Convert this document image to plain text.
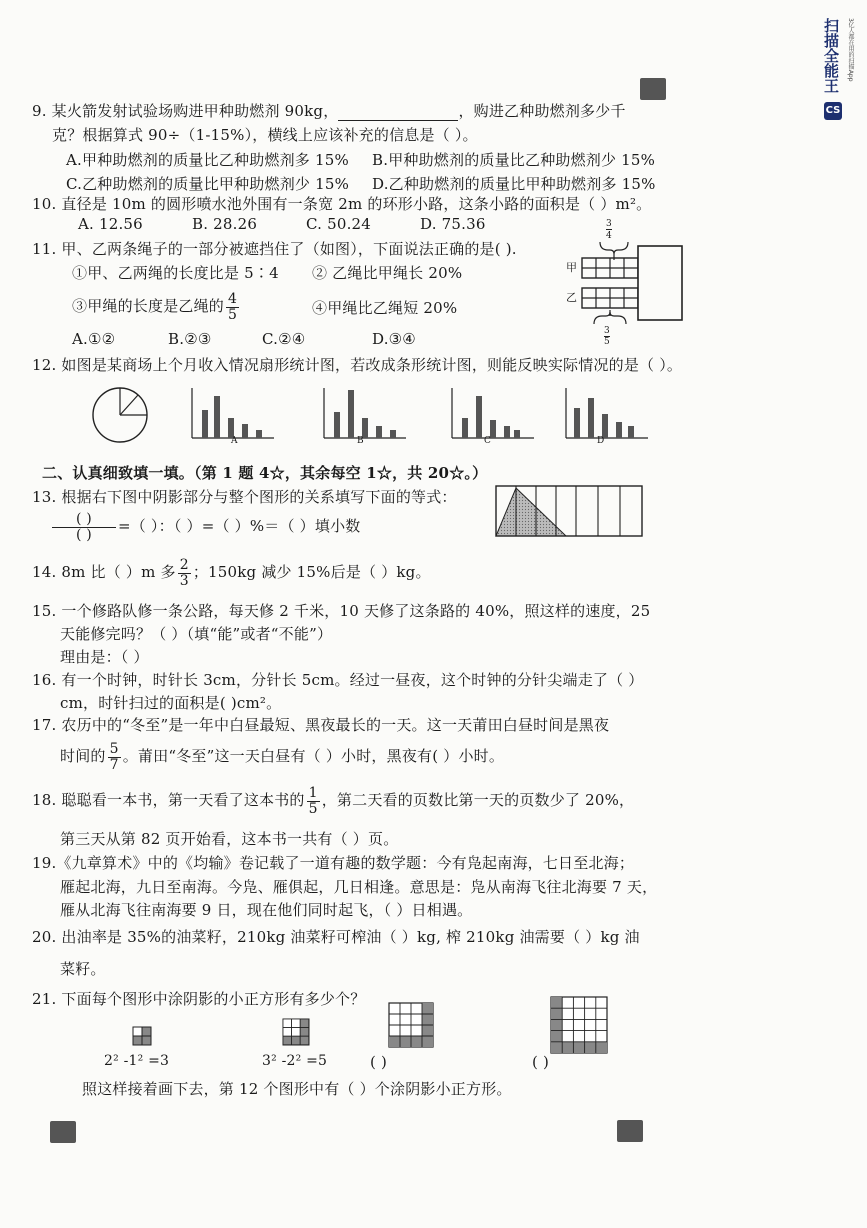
扫描全能王	3亿人都在用的扫描App
CS
9. 某火箭发射试验场购进甲种助燃剂 90kg，	，购进乙种助燃剂多少千
克？根据算式 90÷（1-15%），横线上应该补充的信息是（ ）。
A.甲种助燃剂的质量比乙种助燃剂多 15% B.甲种助燃剂的质量比乙种助燃剂少 15%
C.乙种助燃剂的质量比甲种助燃剂少 15% D.乙种助燃剂的质量比甲种助燃剂多 15%
10. 直径是 10m 的圆形喷水池外围有一条宽 2m 的环形小路，这条小路的面积是（ ）m²。
A. 12.56	B. 28.26	C. 50.24	D. 75.36
11. 甲、乙两条绳子的一部分被遮挡住了（如图），下面说法正确的是( ).
①甲、乙两绳的长度比是 5∶4 ② 乙绳比甲绳长 20%
③甲绳的长度是乙绳的 $\frac{4}{5}$	④甲绳比乙绳短 20%
A.①②	B.②③	C.②④	D.③④
甲
乙
3
4
3
5
12. 如图是某商场上个月收入情况扇形统计图，若改成条形统计图，则能反映实际情况的是（ ）。
A	B	C	D
二、认真细致填一填。（第 1 题 4☆，其余每空 1☆，共 20☆。）
13. 根据右下图中阴影部分与整个图形的关系填写下面的等式：
$\frac{( )}{( )}$ =（ ）：（ ）=（ ）%＝（ ）填小数
14. 8m 比（ ）m 多 $\frac{2}{3}$ ；150kg 减少 15%后是（ ）kg。
15. 一个修路队修一条公路，每天修 2 千米，10 天修了这条路的 40%，照这样的速度，25
天能修完吗？（ ）（填“能”或者“不能”）
理由是：（ ）
16. 有一个时钟，时针长 3cm，分针长 5cm。经过一昼夜，这个时钟的分针尖端走了（ ）
cm，时针扫过的面积是( )cm²。
17. 农历中的“冬至”是一年中白昼最短、黑夜最长的一天。这一天莆田白昼时间是黑夜
时间的 $\frac{5}{7}$ 。莆田“冬至”这一天白昼有（ ）小时，黑夜有( ）小时。
18. 聪聪看一本书，第一天看了这本书的 $\frac{1}{5}$ ，第二天看的页数比第一天的页数少了 20%，
第三天从第 82 页开始看，这本书一共有（ ）页。
19.《九章算术》中的《均输》卷记载了一道有趣的数学题：今有凫起南海，七日至北海；
雁起北海，九日至南海。今凫、雁俱起，几日相逢。意思是：凫从南海飞往北海要 7 天，
雁从北海飞往南海要 9 日，现在他们同时起飞，（ ）日相遇。
20. 出油率是 35%的油菜籽，210kg 油菜籽可榨油（ ）kg, 榨 210kg 油需要（ ）kg 油
菜籽。
21. 下面每个图形中涂阴影的小正方形有多少个？
2² -1² =3	3² -2² =5	( )	( )
照这样接着画下去，第 12 个图形中有（ ）个涂阴影小正方形。
